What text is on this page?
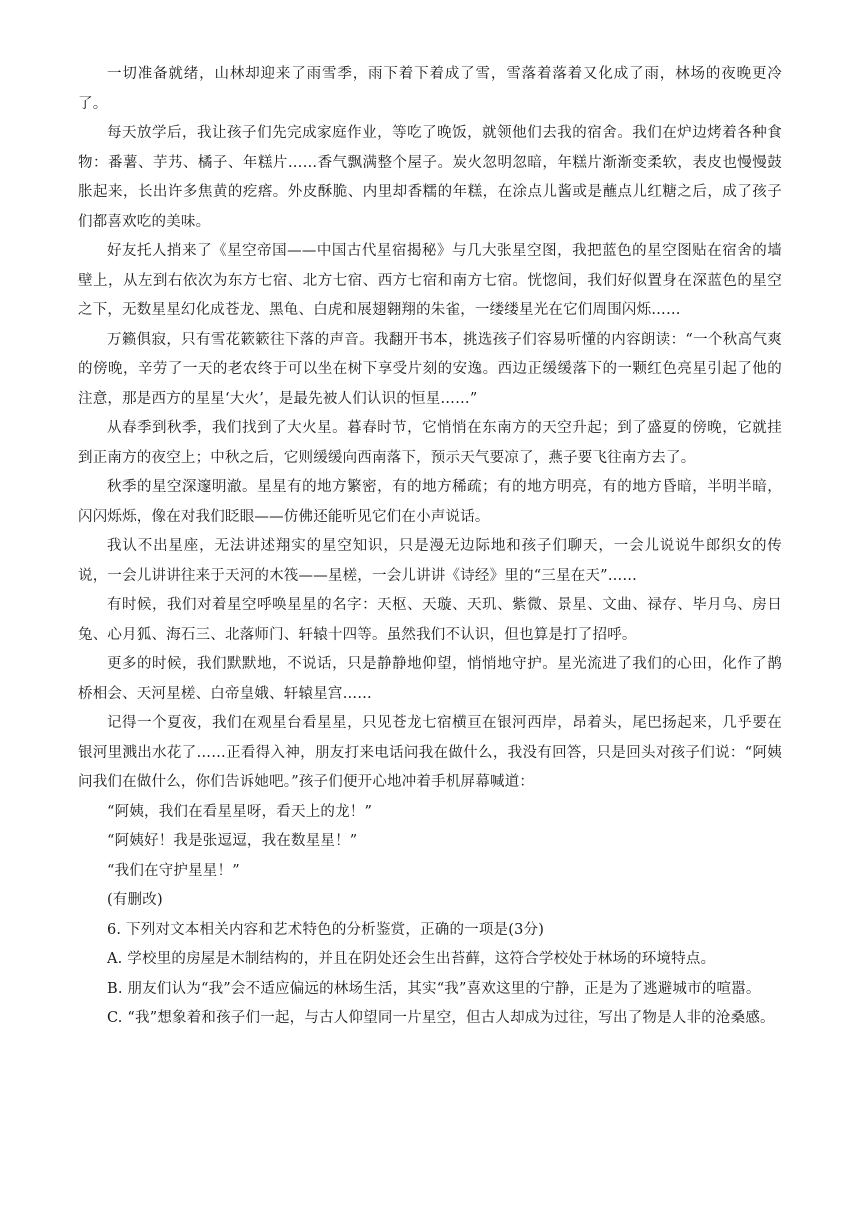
一切准备就绪，山林却迎来了雨雪季，雨下着下着成了雪，雪落着落着又化成了雨，林场的夜晚更冷了。

每天放学后，我让孩子们先完成家庭作业，等吃了晚饭，就领他们去我的宿舍。我们在炉边烤着各种食物：番薯、芋艿、橘子、年糕片……香气飘满整个屋子。炭火忽明忽暗，年糕片渐渐变柔软，表皮也慢慢鼓胀起来，长出许多焦黄的疙瘩。外皮酥脆、内里却香糯的年糕，在涂点儿酱或是蘸点儿红糖之后，成了孩子们都喜欢吃的美味。

好友托人捎来了《星空帝国——中国古代星宿揭秘》与几大张星空图，我把蓝色的星空图贴在宿舍的墙壁上，从左到右依次为东方七宿、北方七宿、西方七宿和南方七宿。恍惚间，我们好似置身在深蓝色的星空之下，无数星星幻化成苍龙、黑龟、白虎和展翅翱翔的朱雀，一缕缕星光在它们周围闪烁……

万籁俱寂，只有雪花簌簌往下落的声音。我翻开书本，挑选孩子们容易听懂的内容朗读：“一个秋高气爽的傍晚，辛劳了一天的老农终于可以坐在树下享受片刻的安逸。西边正缓缓落下的一颗红色亮星引起了他的注意，那是西方的星星‘大火’，是最先被人们认识的恒星……”

从春季到秋季，我们找到了大火星。暮春时节，它悄悄在东南方的天空升起；到了盛夏的傍晚，它就挂到正南方的夜空上；中秋之后，它则缓缓向西南落下，预示天气要凉了，燕子要飞往南方去了。

秋季的星空深邃明澈。星星有的地方繁密，有的地方稀疏；有的地方明亮，有的地方昏暗，半明半暗，闪闪烁烁，像在对我们眨眼——仿佛还能听见它们在小声说话。

我认不出星座，无法讲述翔实的星空知识，只是漫无边际地和孩子们聊天，一会儿说说牛郎织女的传说，一会儿讲讲往来于天河的木筏——星槎，一会儿讲讲《诗经》里的“三星在天”……

有时候，我们对着星空呼唤星星的名字：天枢、天璇、天玑、紫微、景星、文曲、禄存、毕月乌、房日兔、心月狐、海石三、北落师门、轩辕十四等。虽然我们不认识，但也算是打了招呼。

更多的时候，我们默默地，不说话，只是静静地仰望，悄悄地守护。星光流进了我们的心田，化作了鹊桥相会、天河星槎、白帝皇娥、轩辕星宫……

记得一个夏夜，我们在观星台看星星，只见苍龙七宿横亘在银河西岸，昂着头，尾巴扬起来，几乎要在银河里溅出水花了……正看得入神，朋友打来电话问我在做什么，我没有回答，只是回头对孩子们说：“阿姨问我们在做什么，你们告诉她吧。”孩子们便开心地冲着手机屏幕喊道：

“阿姨，我们在看星星呀，看天上的龙！”

“阿姨好！我是张逗逗，我在数星星！”

“我们在守护星星！”

(有删改)

6. 下列对文本相关内容和艺术特色的分析鉴赏，正确的一项是(3分)

A. 学校里的房屋是木制结构的，并且在阴处还会生出苔藓，这符合学校处于林场的环境特点。

B. 朋友们认为“我”会不适应偏远的林场生活，其实“我”喜欢这里的宁静，正是为了逃避城市的喧嚣。

C. “我”想象着和孩子们一起，与古人仰望同一片星空，但古人却成为过往，写出了物是人非的沧桑感。
